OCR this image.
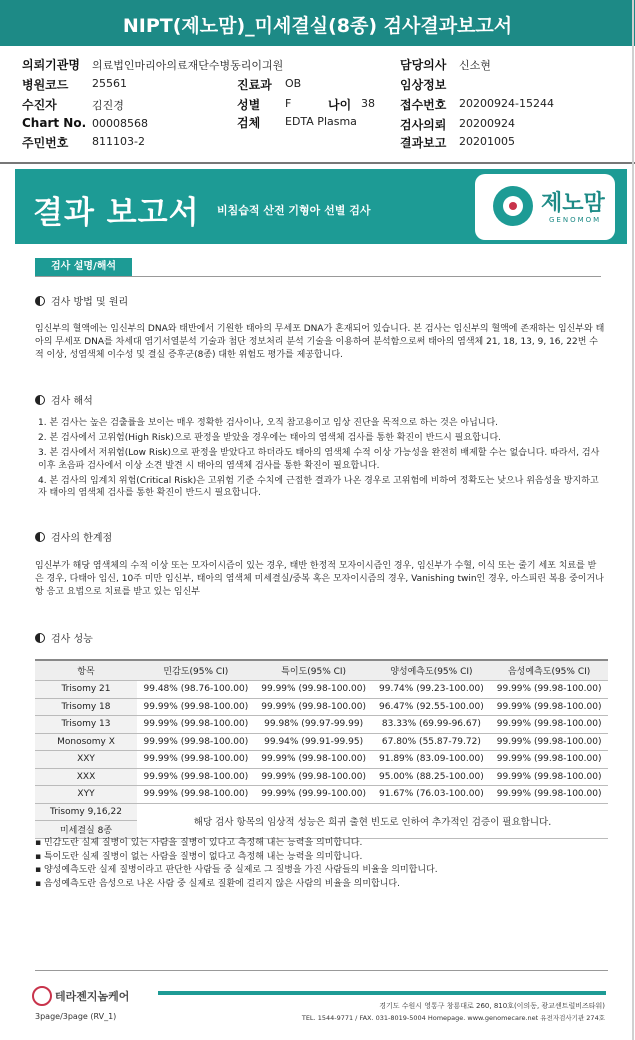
NIPT(제노맘)_미세결실(8종) 검사결과보고서
의뢰기관명 의료법인마리아의료재단수병동리이긔원
병원코드 25561	진료과 OB
수진자	김진경	성별 F	나이 38
Chart No. 00008568	검체 EDTA Plasma
주민번호 811103-2
담당의사 신소현
임상정보
접수번호 20200924-15244
검사의뢰 20200924
결과보고 20201005
결과 보고서 비침습적 산전 기형아 선별 검사	제노맘
GENOMOM
검사 설명/해석
검사 방법 및 원리
임신부의 혈액에는 임신부의 DNA와 태반에서 기원한 태아의 무세포 DNA가 혼재되어 있습니다. 본 검사는 임신부의 혈액에 존재하는 임신부와 태아의 무세포 DNA를 차세대 염기서열분석 기술과 첨단 정보처리 분석 기술을 이용하여 분석함으로써 태아의 염색체 21, 18, 13, 9, 16, 22번 수적 이상, 성염색체 이수성 및 결실 증후군(8종) 대한 위험도 평가를 제공합니다.
검사 해석
1. 본 검사는 높은 검출률을 보이는 매우 정확한 검사이나, 오직 참고용이고 임상 진단을 목적으로 하는 것은 아닙니다.
2. 본 검사에서 고위험(High Risk)으로 판정을 받았을 경우에는 태아의 염색체 검사를 통한 확진이 반드시 필요합니다.
3. 본 검사에서 저위험(Low Risk)으로 판정을 받았다고 하더라도 태아의 염색체 수적 이상 가능성을 완전히 배제할 수는 없습니다. 따라서, 검사 이후 초음파 검사에서 이상 소견 발견 시 태아의 염색체 검사를 통한 확진이 필요합니다.
4. 본 검사의 임계치 위험(Critical Risk)은 고위험 기준 수치에 근접한 결과가 나온 경우로 고위험에 비하여 정확도는 낮으나 위음성을 방지하고자 태아의 염색체 검사를 통한 확진이 반드시 필요합니다.
검사의 한계점
임신부가 해당 염색체의 수적 이상 또는 모자이시즘이 있는 경우, 태반 한정적 모자이시즘인 경우, 임신부가 수혈, 이식 또는 줄기 세포 치료를 받은 경우, 다태아 임신, 10주 미만 임신부, 태아의 염색체 미세결실/중복 혹은 모자이시즘의 경우, Vanishing twin인 경우, 아스피린 복용 중이거나 항 응고 요법으로 치료를 받고 있는 임신부
검사 성능
항목	민감도(95% CI)	특이도(95% CI)	양성예측도(95% CI)	음성예측도(95% CI)
Trisomy 21	99.48% (98.76-100.00)	99.99% (99.98-100.00)	99.74% (99.23-100.00)	99.99% (99.98-100.00)
Trisomy 18	99.99% (99.98-100.00)	99.99% (99.98-100.00)	96.47% (92.55-100.00)	99.99% (99.98-100.00)
Trisomy 13	99.99% (99.98-100.00)	99.98% (99.97-99.99)	83.33% (69.99-96.67)	99.99% (99.98-100.00)
Monosomy X	99.99% (99.98-100.00)	99.94% (99.91-99.95)	67.80% (55.87-79.72)	99.99% (99.98-100.00)
XXY	99.99% (99.98-100.00)	99.99% (99.98-100.00)	91.89% (83.09-100.00)	99.99% (99.98-100.00)
XXX	99.99% (99.98-100.00)	99.99% (99.98-100.00)	95.00% (88.25-100.00)	99.99% (99.98-100.00)
XYY	99.99% (99.98-100.00)	99.99% (99.99-100.00)	91.67% (76.03-100.00)	99.99% (99.98-100.00)
Trisomy 9,16,22	해당 검사 항목의 임상적 성능은 희귀 출현 빈도로 인하여 추가적인 검증이 필요합니다.			
미세결실 8종				
▪ 민감도란 실제 질병이 있는 사람을 질병이 있다고 측정해 내는 능력을 의미합니다.
▪ 특이도란 실제 질병이 없는 사람을 질병이 없다고 측정해 내는 능력을 의미합니다.
▪ 양성예측도란 실제 질병이라고 판단한 사람들 중 실제로 그 질병을 가진 사람들의 비율을 의미합니다.
▪ 음성예측도란 음성으로 나온 사람 중 실제로 질환에 걸리지 않은 사람의 비율을 의미합니다.
테라젠지놈케어
경기도 수원시 영통구 창룡대로 260, 810호(이의동, 광교센트럴비즈타워)
TEL. 1544-9771 / FAX. 031-8019-5004 Homepage. www.genomecare.net 유전자검사기관 274호
3page/3page (RV_1)
